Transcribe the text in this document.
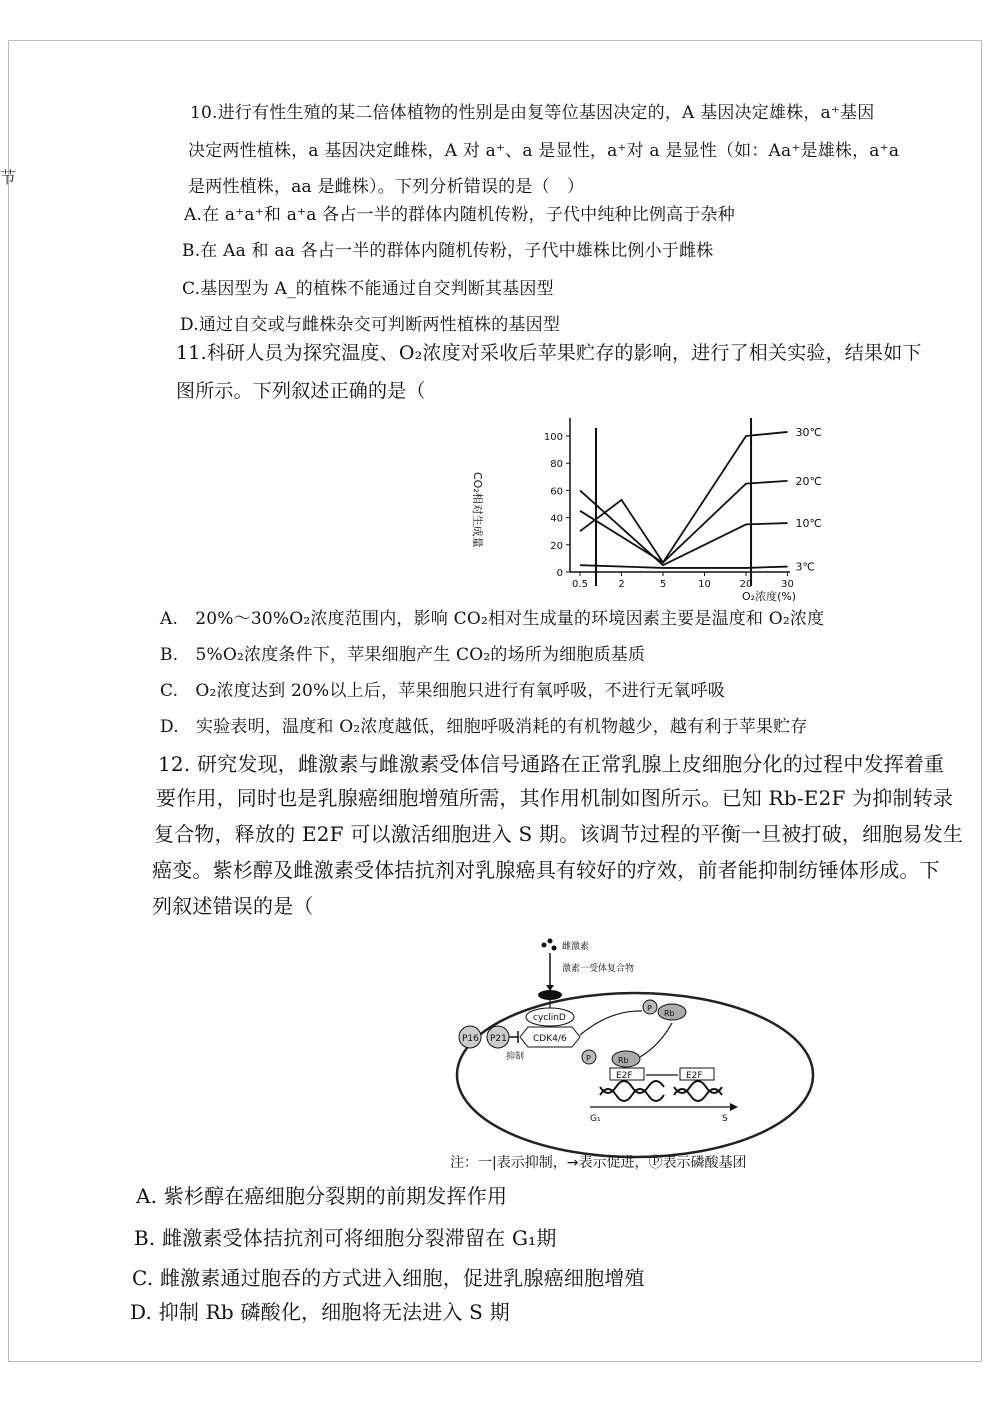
节
10.进行有性生殖的某二倍体植物的性别是由复等位基因决定的，A 基因决定雄株，a⁺基因
决定两性植株，a 基因决定雌株，A 对 a⁺、a 是显性，a⁺对 a 是显性（如：Aa⁺是雄株，a⁺a
是两性植株，aa 是雌株）。下列分析错误的是（　）
A.在 a⁺a⁺和 a⁺a 各占一半的群体内随机传粉，子代中纯种比例高于杂种
B.在 Aa 和 aa 各占一半的群体内随机传粉，子代中雄株比例小于雌株
C.基因型为 A_的植株不能通过自交判断其基因型
D.通过自交或与雌株杂交可判断两性植株的基因型
11.科研人员为探究温度、O₂浓度对采收后苹果贮存的影响，进行了相关实验，结果如下
图所示。下列叙述正确的是（
0
20
40
60
80
100
0.5	2	5	10	20	30
30℃
20℃
10℃
3℃
CO₂相对生成量
O₂浓度(%)
A.　20%～30%O₂浓度范围内，影响 CO₂相对生成量的环境因素主要是温度和 O₂浓度
B.　5%O₂浓度条件下，苹果细胞产生 CO₂的场所为细胞质基质
C.　O₂浓度达到 20%以上后，苹果细胞只进行有氧呼吸，不进行无氧呼吸
D.　实验表明，温度和 O₂浓度越低，细胞呼吸消耗的有机物越少，越有利于苹果贮存
12. 研究发现，雌激素与雌激素受体信号通路在正常乳腺上皮细胞分化的过程中发挥着重
要作用，同时也是乳腺癌细胞增殖所需，其作用机制如图所示。已知 Rb-E2F 为抑制转录
复合物，释放的 E2F 可以激活细胞进入 S 期。该调节过程的平衡一旦被打破，细胞易发生
癌变。紫杉醇及雌激素受体拮抗剂对乳腺癌具有较好的疗效，前者能抑制纺锤体形成。下
列叙述错误的是（
雌激素
激素一受体复合物
cyclinD
CDK4/6
P16 P21
抑制
P
Rb
P	Rb
E2F	E2F
G₁	S
注：一|表示抑制，→表示促进，Ⓟ表示磷酸基团
A. 紫杉醇在癌细胞分裂期的前期发挥作用
B. 雌激素受体拮抗剂可将细胞分裂滞留在 G₁期
C. 雌激素通过胞吞的方式进入细胞，促进乳腺癌细胞增殖
D. 抑制 Rb 磷酸化，细胞将无法进入 S 期
